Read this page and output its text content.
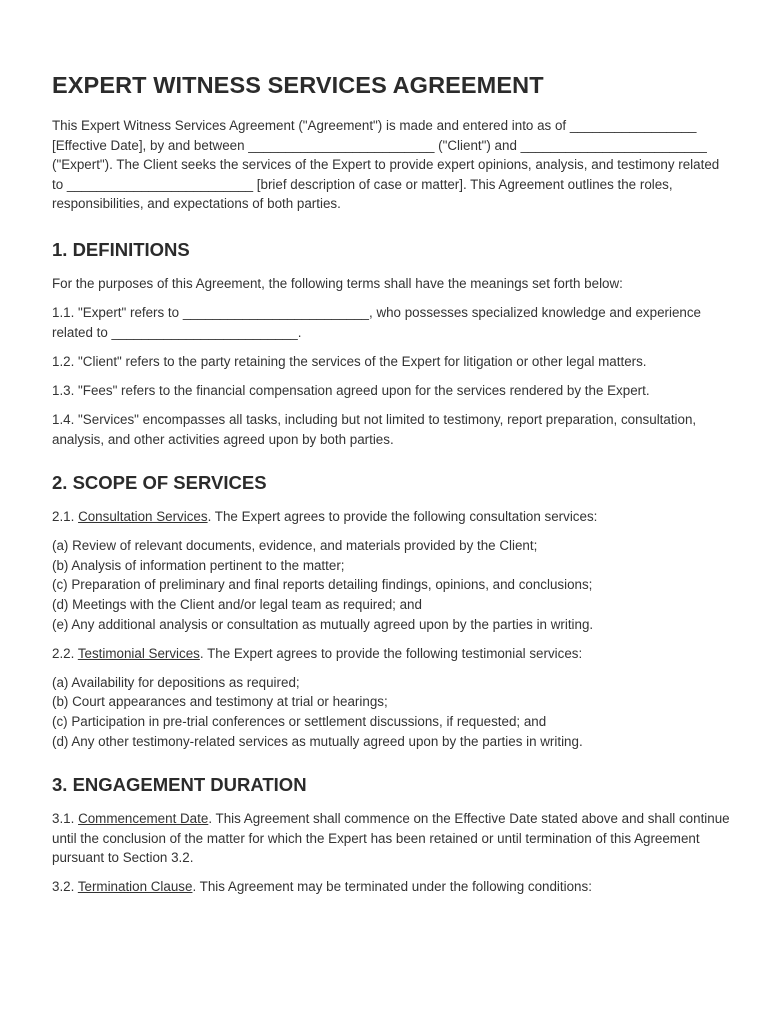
EXPERT WITNESS SERVICES AGREEMENT

This Expert Witness Services Agreement ("Agreement") is made and entered into as of _________________ [Effective Date], by and between _________________________ ("Client") and _________________________ ("Expert"). The Client seeks the services of the Expert to provide expert opinions, analysis, and testimony related to _________________________ [brief description of case or matter]. This Agreement outlines the roles, responsibilities, and expectations of both parties.

1. DEFINITIONS

For the purposes of this Agreement, the following terms shall have the meanings set forth below:

1.1. "Expert" refers to _________________________, who possesses specialized knowledge and experience related to _________________________.

1.2. "Client" refers to the party retaining the services of the Expert for litigation or other legal matters.

1.3. "Fees" refers to the financial compensation agreed upon for the services rendered by the Expert.

1.4. "Services" encompasses all tasks, including but not limited to testimony, report preparation, consultation, analysis, and other activities agreed upon by both parties.

2. SCOPE OF SERVICES

2.1. Consultation Services. The Expert agrees to provide the following consultation services:

(a) Review of relevant documents, evidence, and materials provided by the Client;
(b) Analysis of information pertinent to the matter;
(c) Preparation of preliminary and final reports detailing findings, opinions, and conclusions;
(d) Meetings with the Client and/or legal team as required; and
(e) Any additional analysis or consultation as mutually agreed upon by the parties in writing.

2.2. Testimonial Services. The Expert agrees to provide the following testimonial services:

(a) Availability for depositions as required;
(b) Court appearances and testimony at trial or hearings;
(c) Participation in pre-trial conferences or settlement discussions, if requested; and
(d) Any other testimony-related services as mutually agreed upon by the parties in writing.
3. ENGAGEMENT DURATION

3.1. Commencement Date. This Agreement shall commence on the Effective Date stated above and shall continue until the conclusion of the matter for which the Expert has been retained or until termination of this Agreement pursuant to Section 3.2.

3.2. Termination Clause. This Agreement may be terminated under the following conditions:
